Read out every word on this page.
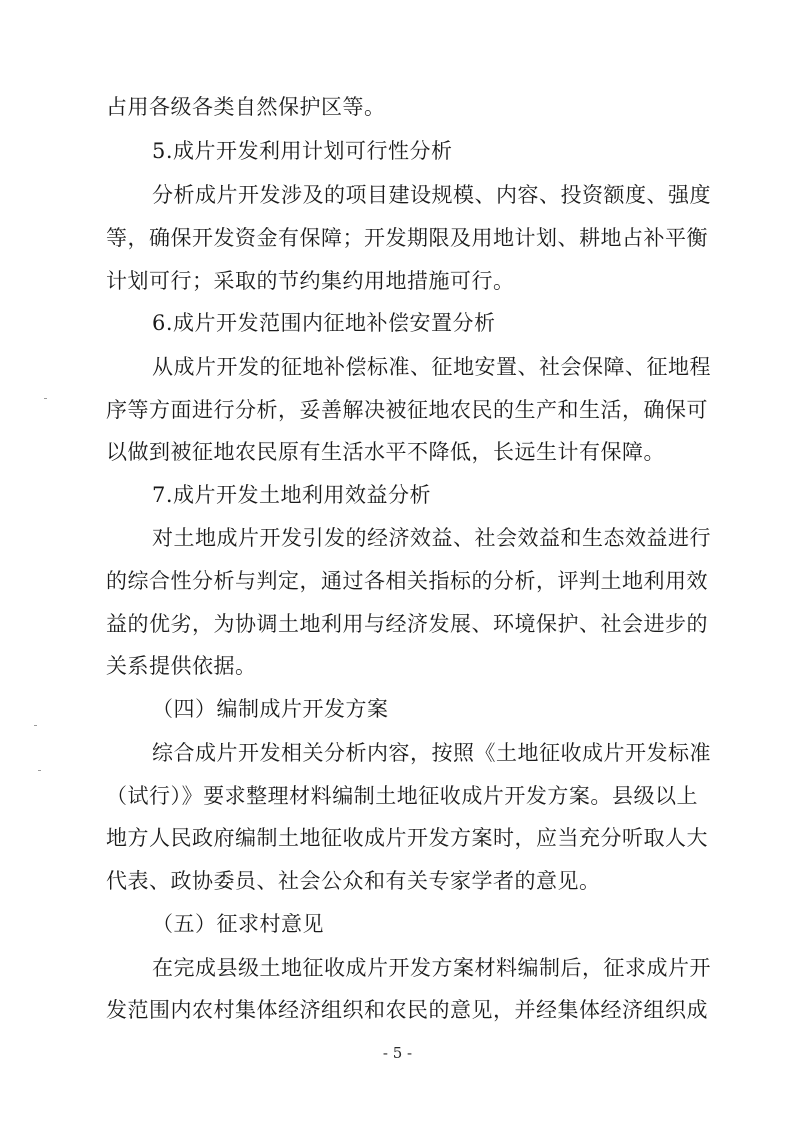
占用各级各类自然保护区等。
5.成片开发利用计划可行性分析
分析成片开发涉及的项目建设规模、内容、投资额度、强度
等，确保开发资金有保障；开发期限及用地计划、耕地占补平衡
计划可行；采取的节约集约用地措施可行。
6.成片开发范围内征地补偿安置分析
从成片开发的征地补偿标准、征地安置、社会保障、征地程
序等方面进行分析，妥善解决被征地农民的生产和生活，确保可
以做到被征地农民原有生活水平不降低，长远生计有保障。
7.成片开发土地利用效益分析
对土地成片开发引发的经济效益、社会效益和生态效益进行
的综合性分析与判定，通过各相关指标的分析，评判土地利用效
益的优劣，为协调土地利用与经济发展、环境保护、社会进步的
关系提供依据。
（四）编制成片开发方案
综合成片开发相关分析内容，按照《土地征收成片开发标准
（试行）》要求整理材料编制土地征收成片开发方案。县级以上
地方人民政府编制土地征收成片开发方案时，应当充分听取人大
代表、政协委员、社会公众和有关专家学者的意见。
（五）征求村意见
在完成县级土地征收成片开发方案材料编制后，征求成片开
发范围内农村集体经济组织和农民的意见，并经集体经济组织成
- 5 -
